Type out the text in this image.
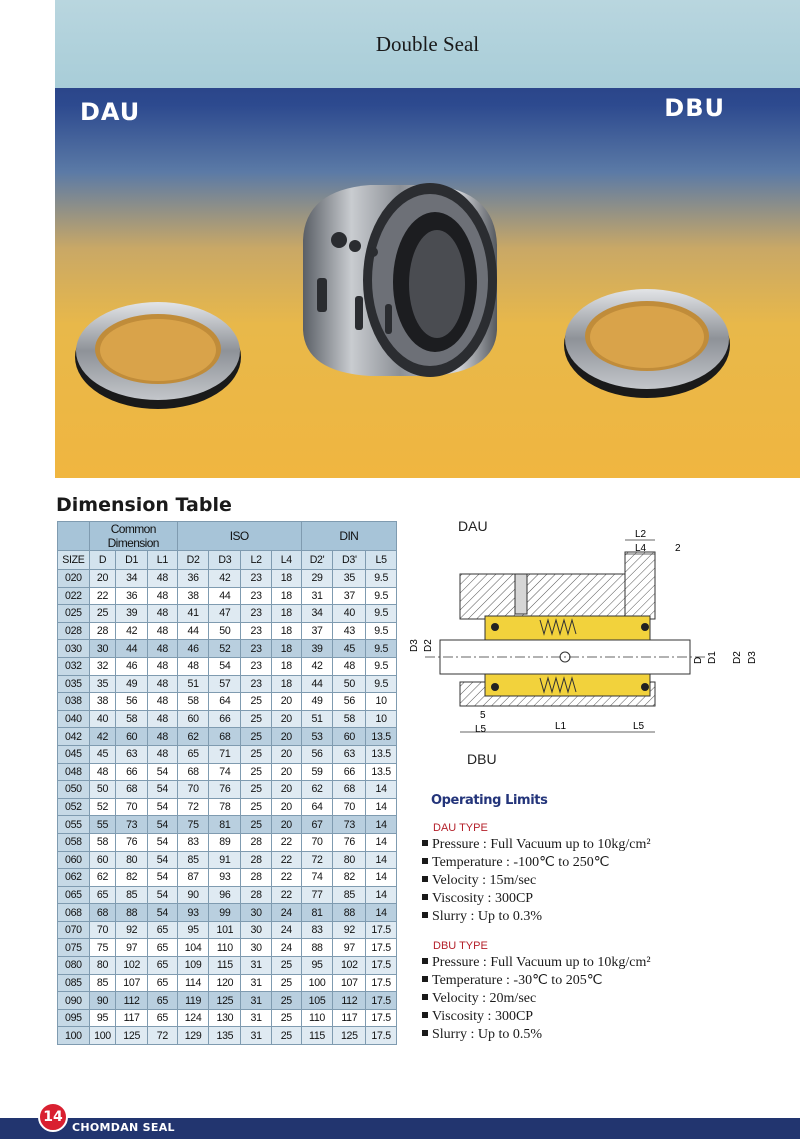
Double Seal
DAU	DBU
Dimension Table
	Common Dimension			ISO				DIN		
SIZE	D	D1	L1	D2	D3	L2	L4	D2'	D3'	L5
020	20	34	48	36	42	23	18	29	35	9.5
022	22	36	48	38	44	23	18	31	37	9.5
025	25	39	48	41	47	23	18	34	40	9.5
028	28	42	48	44	50	23	18	37	43	9.5
030	30	44	48	46	52	23	18	39	45	9.5
032	32	46	48	48	54	23	18	42	48	9.5
035	35	49	48	51	57	23	18	44	50	9.5
038	38	56	48	58	64	25	20	49	56	10
040	40	58	48	60	66	25	20	51	58	10
042	42	60	48	62	68	25	20	53	60	13.5
045	45	63	48	65	71	25	20	56	63	13.5
048	48	66	54	68	74	25	20	59	66	13.5
050	50	68	54	70	76	25	20	62	68	14
052	52	70	54	72	78	25	20	64	70	14
055	55	73	54	75	81	25	20	67	73	14
058	58	76	54	83	89	28	22	70	76	14
060	60	80	54	85	91	28	22	72	80	14
062	62	82	54	87	93	28	22	74	82	14
065	65	85	54	90	96	28	22	77	85	14
068	68	88	54	93	99	30	24	81	88	14
070	70	92	65	95	101	30	24	83	92	17.5
075	75	97	65	104	110	30	24	88	97	17.5
080	80	102	65	109	115	31	25	95	102	17.5
085	85	107	65	114	120	31	25	100	107	17.5
090	90	112	65	119	125	31	25	105	112	17.5
095	95	117	65	124	130	31	25	110	117	17.5
100	100	125	72	129	135	31	25	115	125	17.5
DAU
DBU
L2
L4	2
D3 D2
D D1 D2 D3
5
L5	L1	L5
Operating Limits
DAU TYPE
Pressure : Full Vacuum up to 10kg/cm²
Temperature : -100℃ to 250℃
Velocity : 15m/sec
Viscosity : 300CP
Slurry : Up to 0.3%
DBU TYPE
Pressure : Full Vacuum up to 10kg/cm²
Temperature : -30℃ to 205℃
Velocity : 20m/sec
Viscosity : 300CP
Slurry : Up to 0.5%
14
CHOMDAN SEAL
